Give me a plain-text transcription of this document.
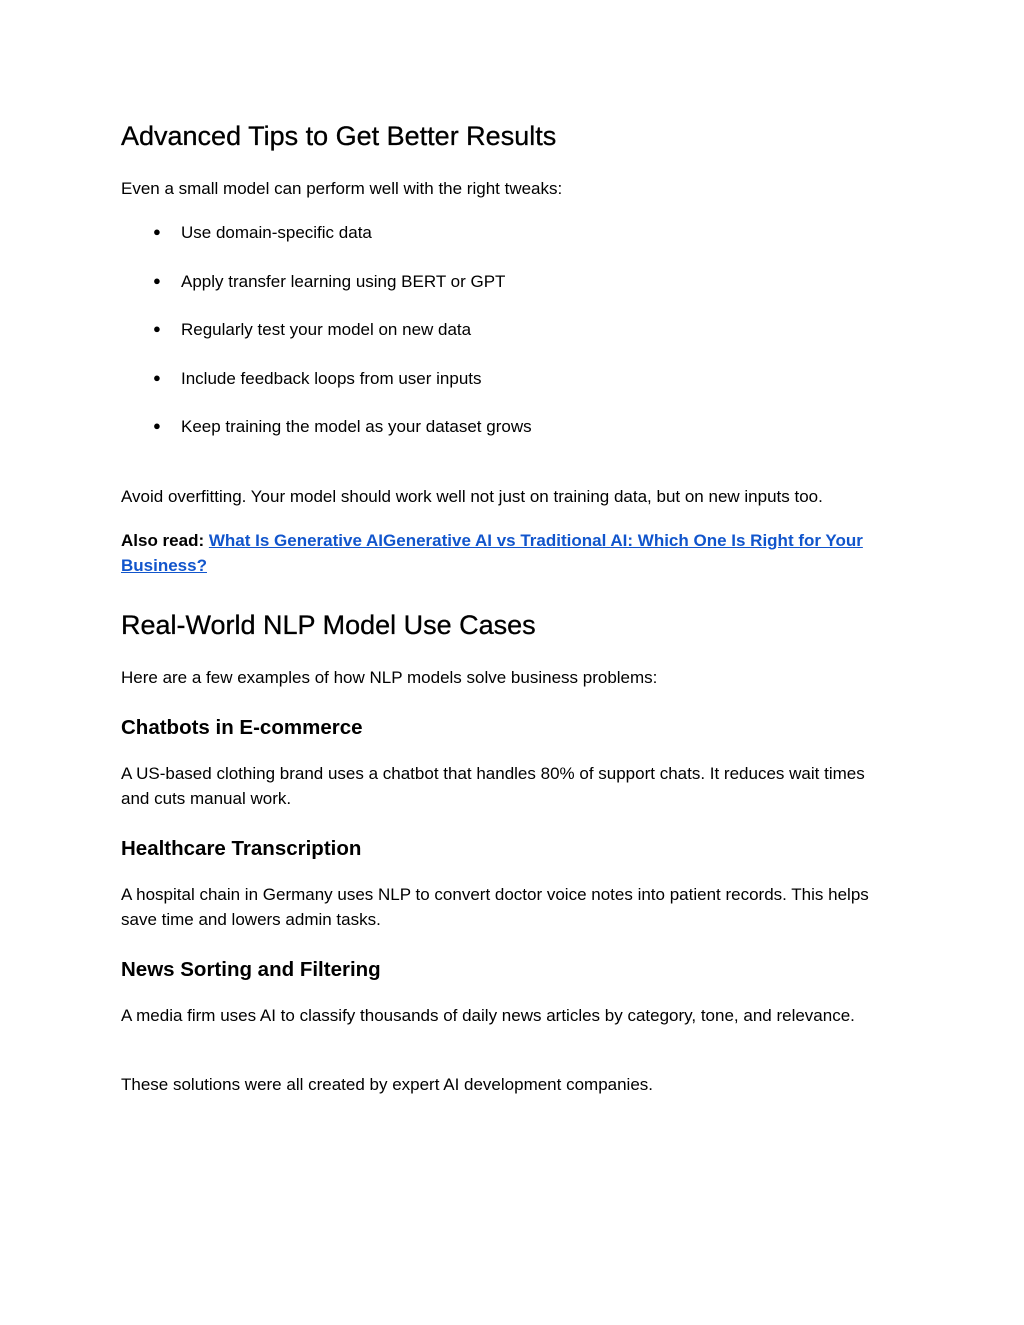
Advanced Tips to Get Better Results

Even a small model can perform well with the right tweaks:

● Use domain-specific data
● Apply transfer learning using BERT or GPT
● Regularly test your model on new data
● Include feedback loops from user inputs
● Keep training the model as your dataset grows

Avoid overfitting. Your model should work well not just on training data, but on new inputs too.

Also read: What Is Generative AIGenerative AI vs Traditional AI: Which One Is Right for Your Business?

Real-World NLP Model Use Cases

Here are a few examples of how NLP models solve business problems:

Chatbots in E-commerce

A US-based clothing brand uses a chatbot that handles 80% of support chats. It reduces wait times and cuts manual work.

Healthcare Transcription

A hospital chain in Germany uses NLP to convert doctor voice notes into patient records. This helps save time and lowers admin tasks.

News Sorting and Filtering

A media firm uses AI to classify thousands of daily news articles by category, tone, and relevance.

These solutions were all created by expert AI development companies.
